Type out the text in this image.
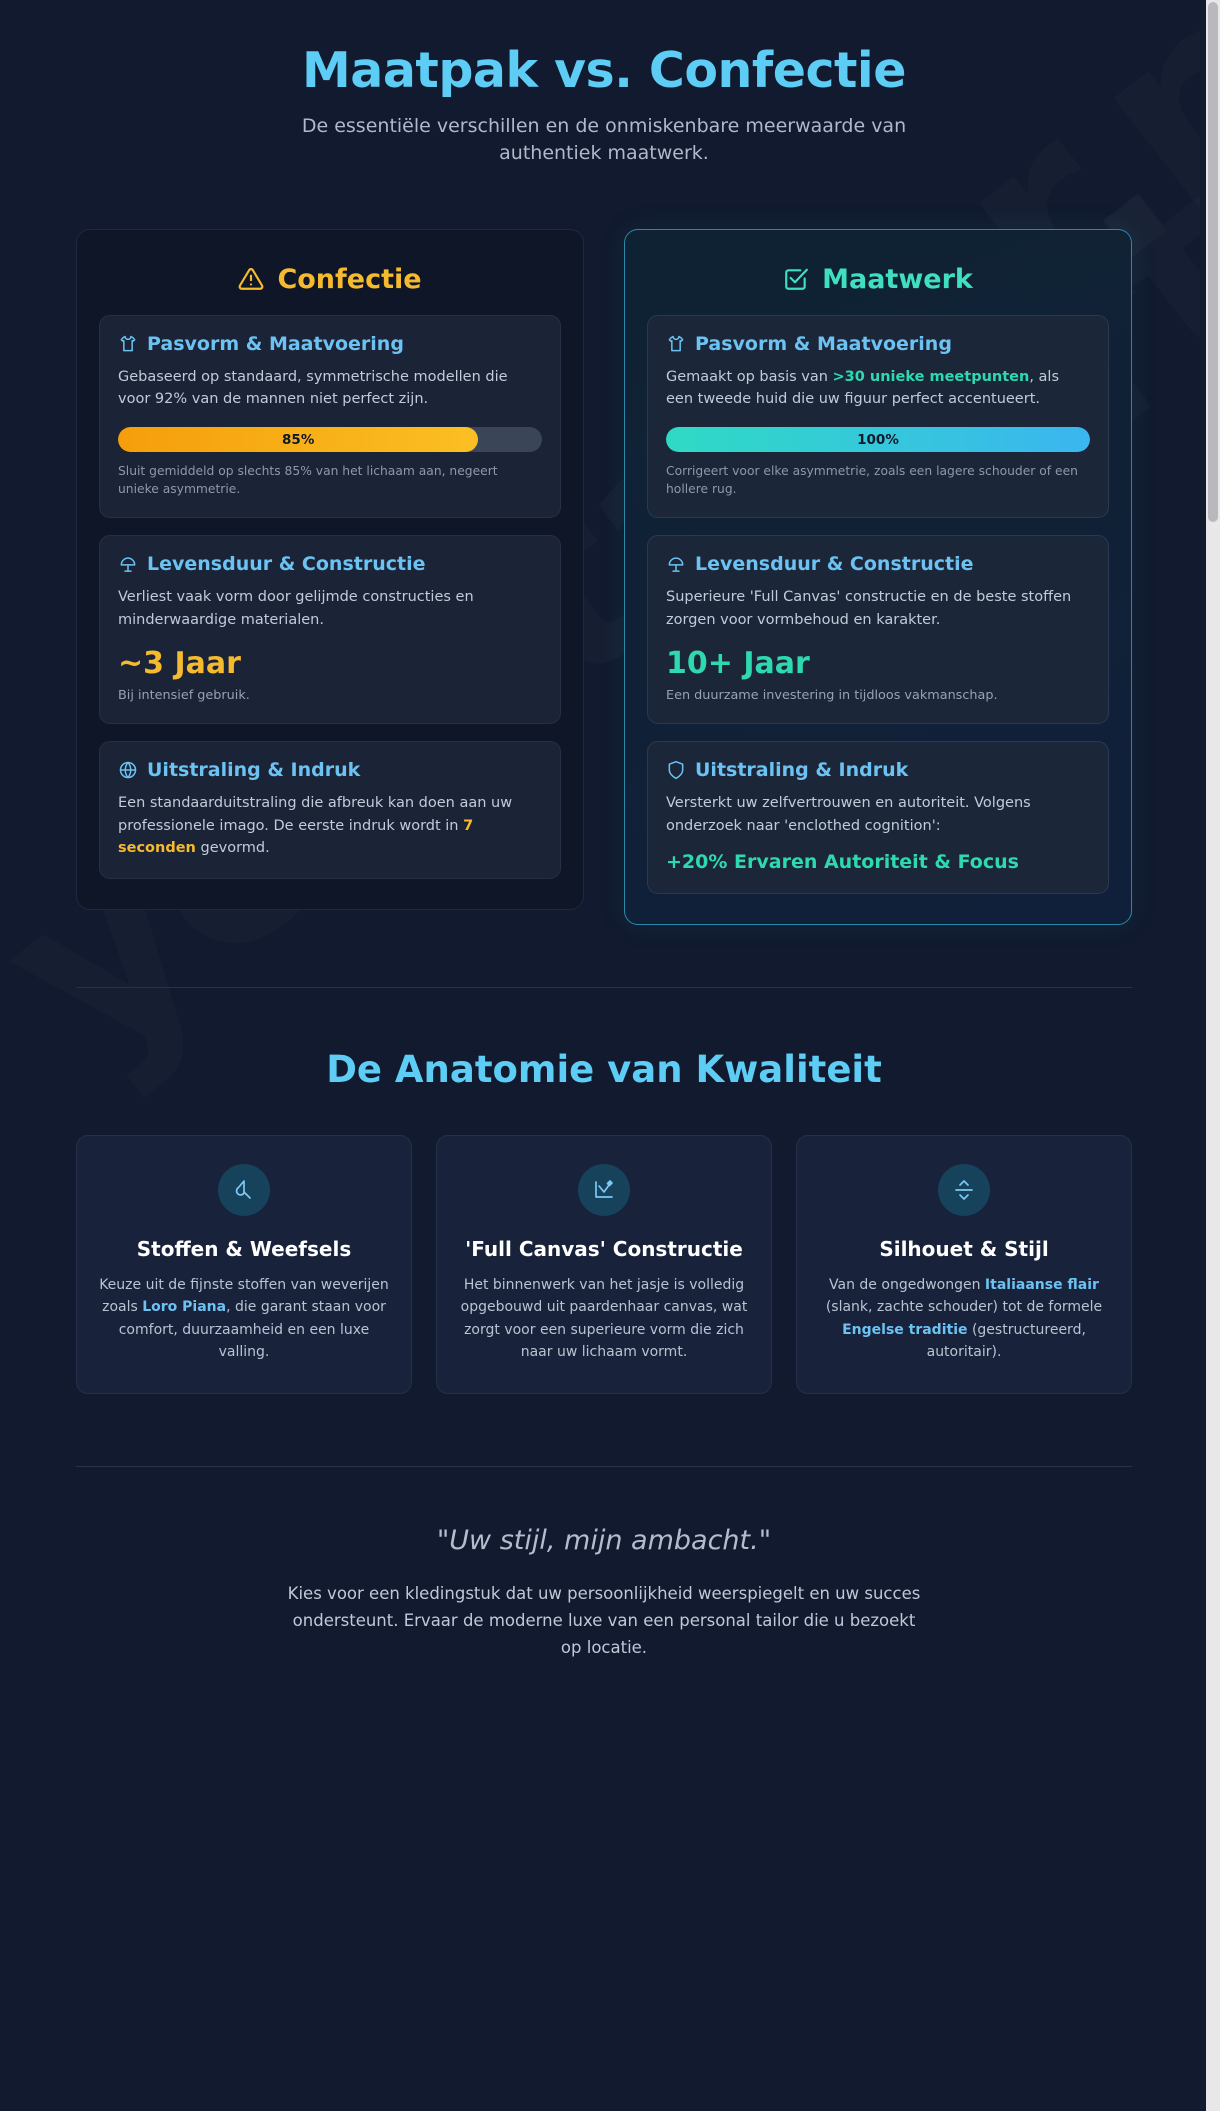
Maatpak vs. Confectie

De essentiële verschillen en de onmiskenbare meerwaarde van authentiek maatwerk.

Confectie
Pasvorm & Maatvoering
Gebaseerd op standaard, symmetrische modellen die voor 92% van de mannen niet perfect zijn.
85%
Sluit gemiddeld op slechts 85% van het lichaam aan, negeert unieke asymmetrie.
Levensduur & Constructie
Verliest vaak vorm door gelijmde constructies en minderwaardige materialen.
~3 Jaar
Bij intensief gebruik.
Uitstraling & Indruk
Een standaarduitstraling die afbreuk kan doen aan uw professionele imago. De eerste indruk wordt in 7 seconden gevormd.
Maatwerk
Pasvorm & Maatvoering
Gemaakt op basis van >30 unieke meetpunten, als een tweede huid die uw figuur perfect accentueert.
100%
Corrigeert voor elke asymmetrie, zoals een lagere schouder of een hollere rug.
Levensduur & Constructie
Superieure 'Full Canvas' constructie en de beste stoffen zorgen voor vormbehoud en karakter.
10+ Jaar
Een duurzame investering in tijdloos vakmanschap.
Uitstraling & Indruk
Versterkt uw zelfvertrouwen en autoriteit. Volgens onderzoek naar 'enclothed cognition':
+20% Ervaren Autoriteit & Focus
De Anatomie van Kwaliteit
Stoffen & Weefsels

Keuze uit de fijnste stoffen van weverijen zoals Loro Piana, die garant staan voor comfort, duurzaamheid en een luxe valling.

'Full Canvas' Constructie

Het binnenwerk van het jasje is volledig opgebouwd uit paardenhaar canvas, wat zorgt voor een superieure vorm die zich naar uw lichaam vormt.

Silhouet & Stijl

Van de ongedwongen Italiaanse flair (slank, zachte schouder) tot de formele Engelse traditie (gestructureerd, autoritair).

"Uw stijl, mijn ambacht."
Kies voor een kledingstuk dat uw persoonlijkheid weerspiegelt en uw succes ondersteunt. Ervaar de moderne luxe van een personal tailor die u bezoekt op locatie.
